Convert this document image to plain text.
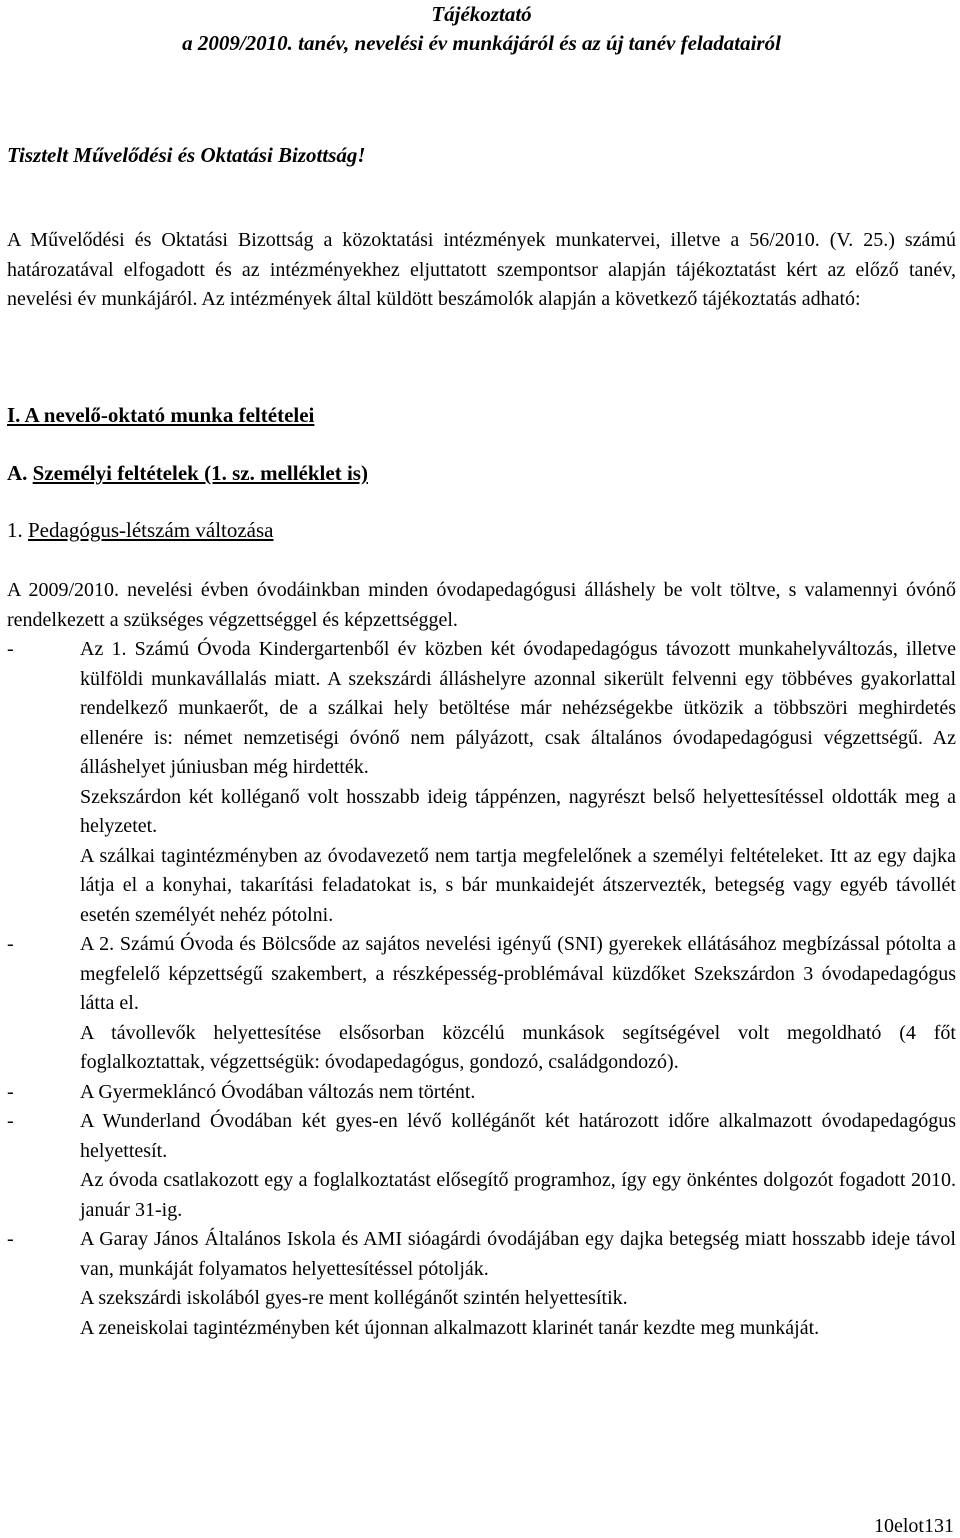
Tájékoztató
a 2009/2010. tanév, nevelési év munkájáról és az új tanév feladatairól
Tisztelt Művelődési és Oktatási Bizottság!

A Művelődési és Oktatási Bizottság a közoktatási intézmények munkatervei, illetve a 56/2010. (V. 25.) számú határozatával elfogadott és az intézményekhez eljuttatott szempontsor alapján tájékoztatást kért az előző tanév, nevelési év munkájáról. Az intézmények által küldött beszámolók alapján a következő tájékoztatás adható:

I. A nevelő-oktató munka feltételei
A. Személyi feltételek (1. sz. melléklet is)
1. Pedagógus-létszám változása

A 2009/2010. nevelési évben óvodáinkban minden óvodapedagógusi álláshely be volt töltve, s valamennyi óvónő rendelkezett a szükséges végzettséggel és képzettséggel.

-	Az 1. Számú Óvoda Kindergartenből év közben két óvodapedagógus távozott munkahelyváltozás, illetve külföldi munkavállalás miatt. A szekszárdi álláshelyre azonnal sikerült felvenni egy többéves gyakorlattal rendelkező munkaerőt, de a szálkai hely betöltése már nehézségekbe ütközik a többszöri meghirdetés ellenére is: német nemzetiségi óvónő nem pályázott, csak általános óvodapedagógusi végzettségű. Az álláshelyet júniusban még hirdették.

Szekszárdon két kolléganő volt hosszabb ideig táppénzen, nagyrészt belső helyettesítéssel oldották meg a helyzetet.

A szálkai tagintézményben az óvodavezető nem tartja megfelelőnek a személyi feltételeket. Itt az egy dajka látja el a konyhai, takarítási feladatokat is, s bár munkaidejét átszervezték, betegség vagy egyéb távollét esetén személyét nehéz pótolni.

-	A 2. Számú Óvoda és Bölcsőde az sajátos nevelési igényű (SNI) gyerekek ellátásához megbízással pótolta a megfelelő képzettségű szakembert, a részképesség-problémával küzdőket Szekszárdon 3 óvodapedagógus látta el.

A távollevők helyettesítése elsősorban közcélú munkások segítségével volt megoldható (4 főt foglalkoztattak, végzettségük: óvodapedagógus, gondozó, családgondozó).

-	A Gyermekláncó Óvodában változás nem történt.
-	A Wunderland Óvodában két gyes-en lévő kollégánőt két határozott időre alkalmazott óvodapedagógus helyettesít.

Az óvoda csatlakozott egy a foglalkoztatást elősegítő programhoz, így egy önkéntes dolgozót fogadott 2010. január 31-ig.

-	A Garay János Általános Iskola és AMI sióagárdi óvodájában egy dajka betegség miatt hosszabb ideje távol van, munkáját folyamatos helyettesítéssel pótolják.

A szekszárdi iskolából gyes-re ment kollégánőt szintén helyettesítik.

A zeneiskolai tagintézményben két újonnan alkalmazott klarinét tanár kezdte meg munkáját.

10elot131
